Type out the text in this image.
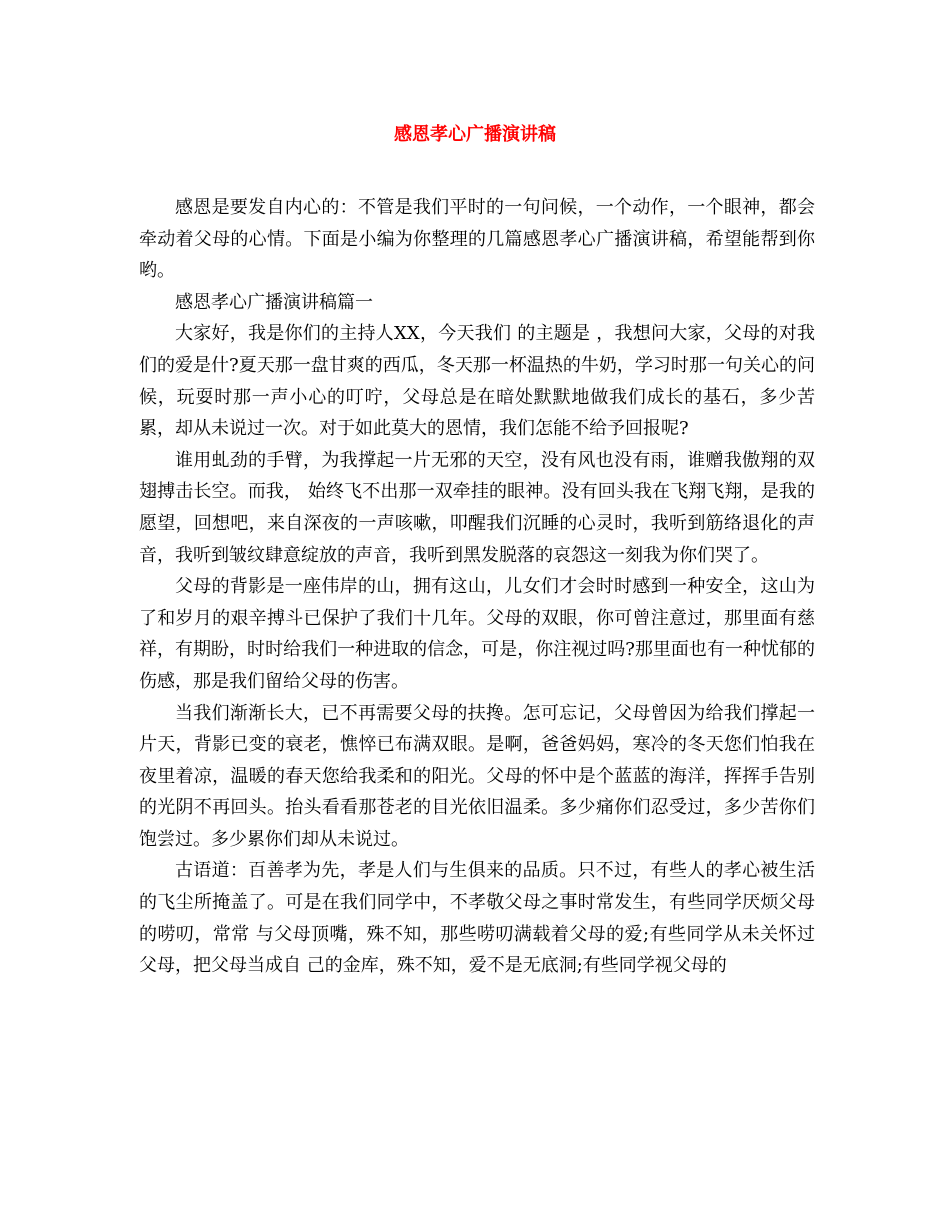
感恩孝心广播演讲稿

感恩是要发自内心的：不管是我们平时的一句问候，一个动作，一个眼神，都会牵动着父母的心情。下面是小编为你整理的几篇感恩孝心广播演讲稿，希望能帮到你哟。

感恩孝心广播演讲稿篇一

大家好，我是你们的主持人XX，今天我们 的主题是 ，我想问大家，父母的对我们的爱是什?夏天那一盘甘爽的西瓜，冬天那一杯温热的牛奶，学习时那一句关心的问候，玩耍时那一声小心的叮咛，父母总是在暗处默默地做我们成长的基石，多少苦累，却从未说过一次。对于如此莫大的恩情，我们怎能不给予回报呢?

谁用虬劲的手臂，为我撑起一片无邪的天空，没有风也没有雨，谁赠我傲翔的双翅搏击长空。而我， 始终飞不出那一双牵挂的眼神。没有回头我在飞翔飞翔，是我的愿望，回想吧，来自深夜的一声咳嗽，叩醒我们沉睡的心灵时，我听到筋络退化的声音，我听到皱纹肆意绽放的声音，我听到黑发脱落的哀怨这一刻我为你们哭了。

父母的背影是一座伟岸的山，拥有这山，儿女们才会时时感到一种安全，这山为了和岁月的艰辛搏斗已保护了我们十几年。父母的双眼，你可曾注意过，那里面有慈祥，有期盼，时时给我们一种进取的信念，可是，你注视过吗?那里面也有一种忧郁的伤感，那是我们留给父母的伤害。

当我们渐渐长大，已不再需要父母的扶搀。怎可忘记，父母曾因为给我们撑起一片天，背影已变的衰老，憔悴已布满双眼。是啊，爸爸妈妈，寒冷的冬天您们怕我在夜里着凉，温暖的春天您给我柔和的阳光。父母的怀中是个蓝蓝的海洋，挥挥手告别的光阴不再回头。抬头看看那苍老的目光依旧温柔。多少痛你们忍受过，多少苦你们饱尝过。多少累你们却从未说过。

古语道：百善孝为先，孝是人们与生俱来的品质。只不过，有些人的孝心被生活的飞尘所掩盖了。可是在我们同学中，不孝敬父母之事时常发生，有些同学厌烦父母的唠叨，常常 与父母顶嘴，殊不知，那些唠叨满载着父母的爱;有些同学从未关怀过父母，把父母当成自 己的金库，殊不知，爱不是无底洞;有些同学视父母的
